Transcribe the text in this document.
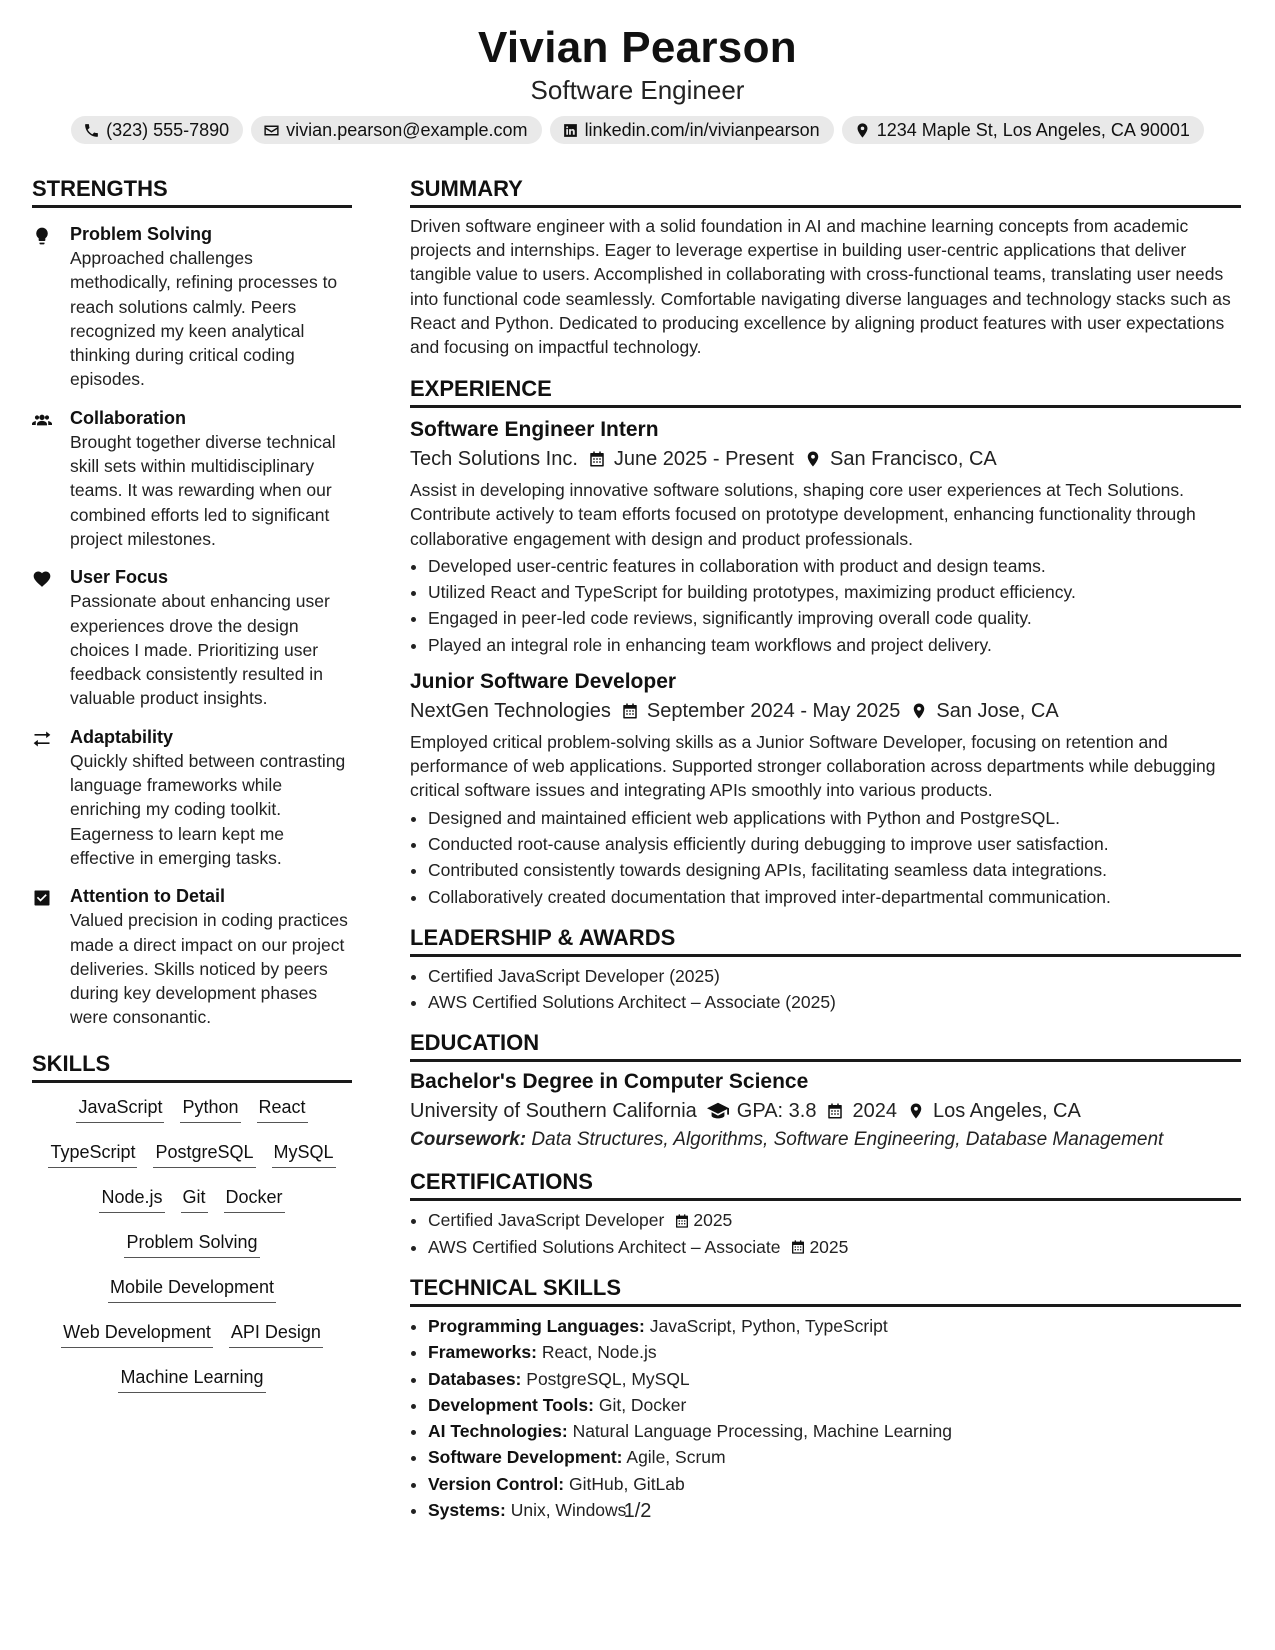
Vivian Pearson
Software Engineer
(323) 555-7890	vivian.pearson@example.com	linkedin.com/in/vivianpearson	1234 Maple St, Los Angeles, CA 90001
STRENGTHS
Problem Solving
Approached challenges methodically, refining processes to reach solutions calmly. Peers recognized my keen analytical thinking during critical coding episodes.
Collaboration
Brought together diverse technical skill sets within multidisciplinary teams. It was rewarding when our combined efforts led to significant project milestones.
User Focus
Passionate about enhancing user experiences drove the design choices I made. Prioritizing user feedback consistently resulted in valuable product insights.
Adaptability
Quickly shifted between contrasting language frameworks while enriching my coding toolkit. Eagerness to learn kept me effective in emerging tasks.
Attention to Detail
Valued precision in coding practices made a direct impact on our project deliveries. Skills noticed by peers during key development phases were consonantic.
SKILLS
JavaScript Python React
TypeScript PostgreSQL MySQL
Node.js Git Docker
Problem Solving
Mobile Development
Web Development API Design
Machine Learning
SUMMARY
Driven software engineer with a solid foundation in AI and machine learning concepts from academic projects and internships. Eager to leverage expertise in building user-centric applications that deliver tangible value to users. Accomplished in collaborating with cross-functional teams, translating user needs into functional code seamlessly. Comfortable navigating diverse languages and technology stacks such as React and Python. Dedicated to producing excellence by aligning product features with user expectations and focusing on impactful technology.
EXPERIENCE
Software Engineer Intern
Tech Solutions Inc. June 2025 - Present San Francisco, CA
Assist in developing innovative software solutions, shaping core user experiences at Tech Solutions. Contribute actively to team efforts focused on prototype development, enhancing functionality through collaborative engagement with design and product professionals.
• Developed user-centric features in collaboration with product and design teams.
• Utilized React and TypeScript for building prototypes, maximizing product efficiency.
• Engaged in peer-led code reviews, significantly improving overall code quality.
• Played an integral role in enhancing team workflows and project delivery.
Junior Software Developer
NextGen Technologies September 2024 - May 2025 San Jose, CA
Employed critical problem-solving skills as a Junior Software Developer, focusing on retention and performance of web applications. Supported stronger collaboration across departments while debugging critical software issues and integrating APIs smoothly into various products.
• Designed and maintained efficient web applications with Python and PostgreSQL.
• Conducted root-cause analysis efficiently during debugging to improve user satisfaction.
• Contributed consistently towards designing APIs, facilitating seamless data integrations.
• Collaboratively created documentation that improved inter-departmental communication.
LEADERSHIP & AWARDS
• Certified JavaScript Developer (2025)
• AWS Certified Solutions Architect – Associate (2025)
EDUCATION
Bachelor's Degree in Computer Science
University of Southern California GPA: 3.8 2024 Los Angeles, CA
Coursework: Data Structures, Algorithms, Software Engineering, Database Management
CERTIFICATIONS
• Certified JavaScript Developer 2025
• AWS Certified Solutions Architect – Associate 2025
TECHNICAL SKILLS
• Programming Languages: JavaScript, Python, TypeScript
• Frameworks: React, Node.js
• Databases: PostgreSQL, MySQL
• Development Tools: Git, Docker
• AI Technologies: Natural Language Processing, Machine Learning
• Software Development: Agile, Scrum
• Version Control: GitHub, GitLab
• Systems: Unix, Windows
1/2
